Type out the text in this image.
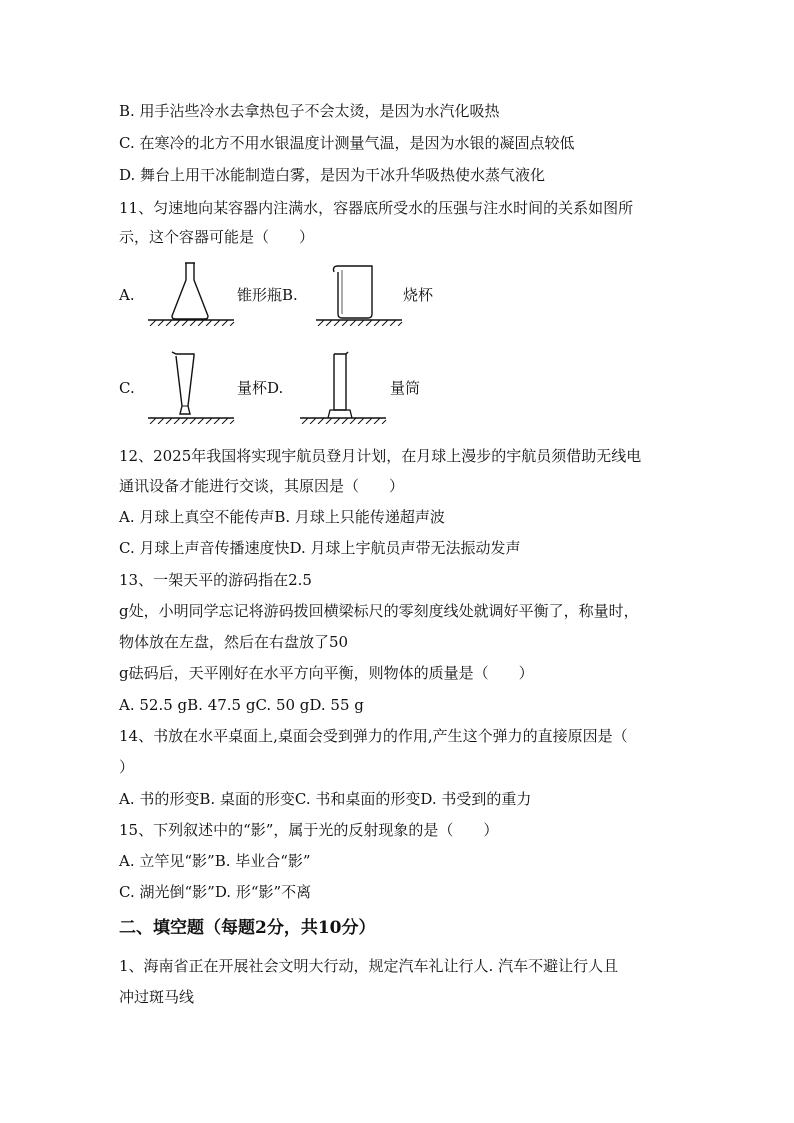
B. 用手沾些冷水去拿热包子不会太烫，是因为水汽化吸热
C. 在寒冷的北方不用水银温度计测量气温，是因为水银的凝固点较低
D. 舞台上用干冰能制造白雾，是因为干冰升华吸热使水蒸气液化
11、匀速地向某容器内注满水，容器底所受水的压强与注水时间的关系如图所
示，这个容器可能是（　　）
A.	锥形瓶B.	烧杯
C.	量杯D.	量筒
12、2025年我国将实现宇航员登月计划，在月球上漫步的宇航员须借助无线电
通讯设备才能进行交谈，其原因是（　　）
A. 月球上真空不能传声B. 月球上只能传递超声波
C. 月球上声音传播速度快D. 月球上宇航员声带无法振动发声
13、一架天平的游码指在2.5
g处，小明同学忘记将游码拨回横梁标尺的零刻度线处就调好平衡了，称量时，
物体放在左盘，然后在右盘放了50
g砝码后，天平刚好在水平方向平衡，则物体的质量是（　　）
A. 52.5 gB. 47.5 gC. 50 gD. 55 g
14、书放在水平桌面上,桌面会受到弹力的作用,产生这个弹力的直接原因是（
）
A. 书的形变B. 桌面的形变C. 书和桌面的形变D. 书受到的重力
15、下列叙述中的“影”，属于光的反射现象的是（　　）
A. 立竿见“影”B. 毕业合“影”
C. 湖光倒“影”D. 形“影”不离
二、填空题（每题2分，共10分）
1、海南省正在开展社会文明大行动，规定汽车礼让行人. 汽车不避让行人且
冲过斑马线
